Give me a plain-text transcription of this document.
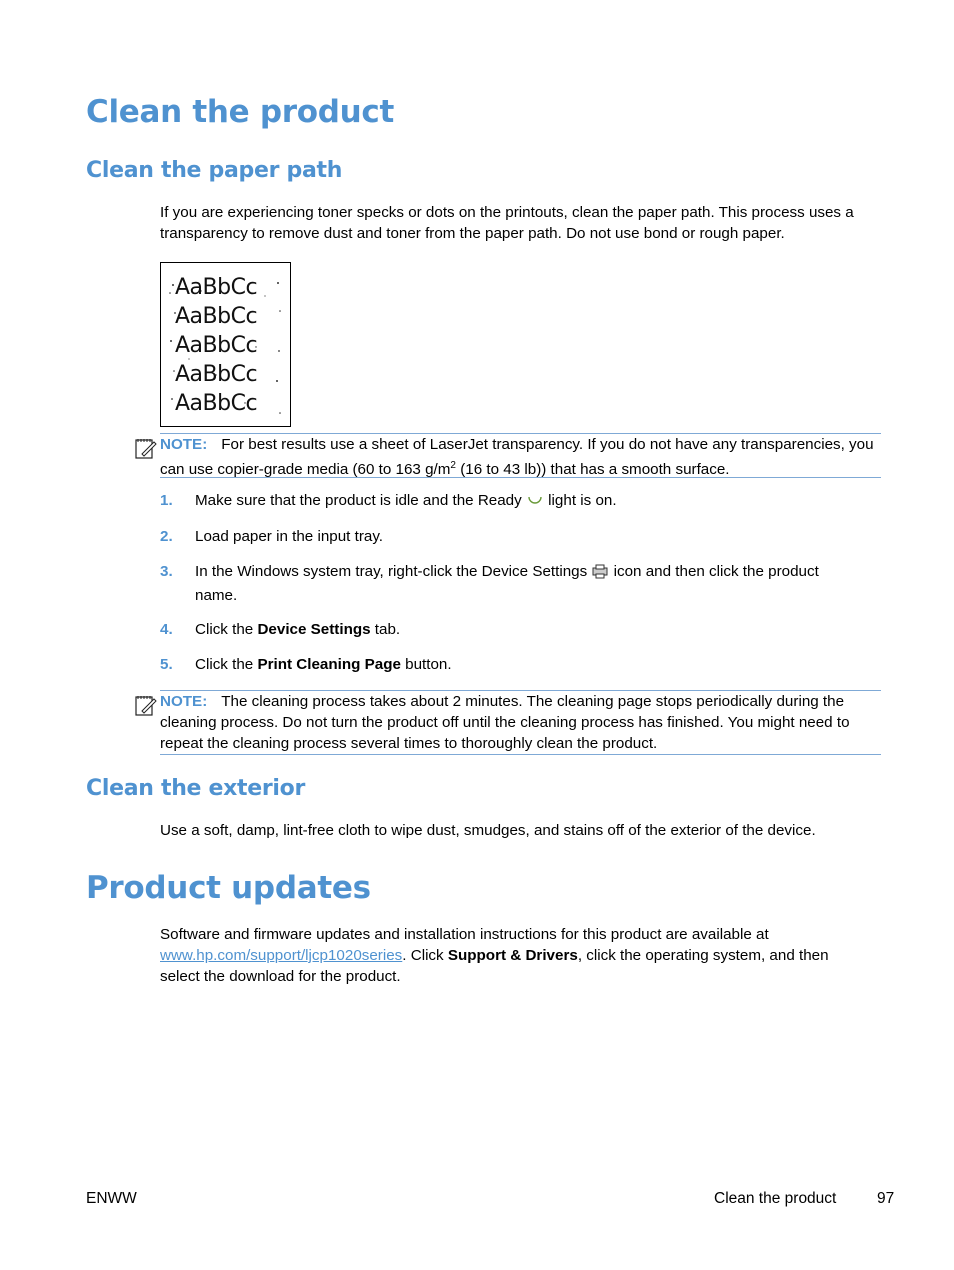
Clean the product
Clean the paper path

If you are experiencing toner specks or dots on the printouts, clean the paper path. This process uses a transparency to remove dust and toner from the paper path. Do not use bond or rough paper.

AaBbCc
AaBbCc
AaBbCc
AaBbCc
AaBbCc
NOTE: For best results use a sheet of LaserJet transparency. If you do not have any transparencies, you can use copier-grade media (60 to 163 $g/m^2$ (16 to 43 lb)) that has a smooth surface.
1. Make sure that the product is idle and the Ready  light is on.
2. Load paper in the input tray.
3. In the Windows system tray, right-click the Device Settings  icon and then click the product name.
4. Click the Device Settings tab.
5. Click the Print Cleaning Page button.
NOTE: The cleaning process takes about 2 minutes. The cleaning page stops periodically during the cleaning process. Do not turn the product off until the cleaning process has finished. You might need to repeat the cleaning process several times to thoroughly clean the product.
Clean the exterior

Use a soft, damp, lint-free cloth to wipe dust, smudges, and stains off of the exterior of the device.

Product updates

Software and firmware updates and installation instructions for this product are available at www.hp.com/support/ljcp1020series. Click Support & Drivers, click the operating system, and then select the download for the product.

ENWW	Clean the product	97
